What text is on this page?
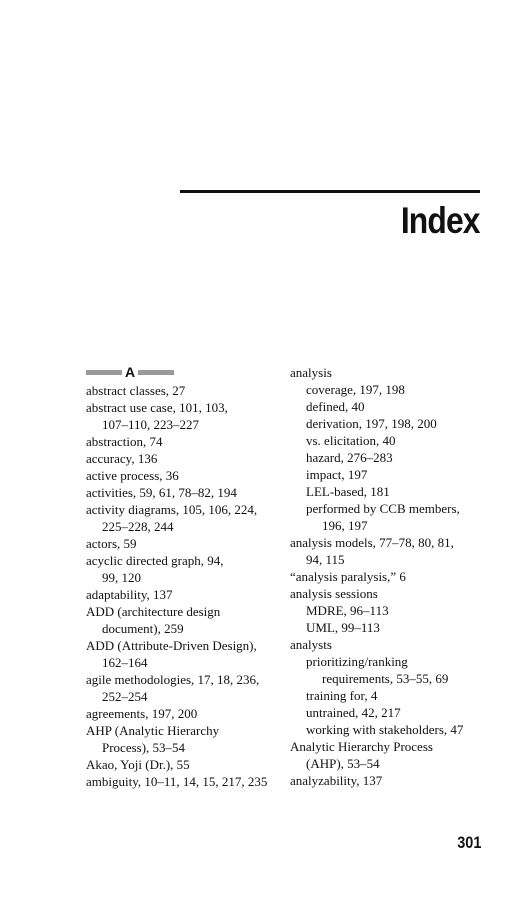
Index
A
abstract classes, 27
abstract use case, 101, 103,
107–110, 223–227
abstraction, 74
accuracy, 136
active process, 36
activities, 59, 61, 78–82, 194
activity diagrams, 105, 106, 224,
225–228, 244
actors, 59
acyclic directed graph, 94,
99, 120
adaptability, 137
ADD (architecture design
document), 259
ADD (Attribute-Driven Design),
162–164
agile methodologies, 17, 18, 236,
252–254
agreements, 197, 200
AHP (Analytic Hierarchy
Process), 53–54
Akao, Yoji (Dr.), 55
ambiguity, 10–11, 14, 15, 217, 235
analysis
coverage, 197, 198
defined, 40
derivation, 197, 198, 200
vs. elicitation, 40
hazard, 276–283
impact, 197
LEL-based, 181
performed by CCB members,
196, 197
analysis models, 77–78, 80, 81,
94, 115
“analysis paralysis,” 6
analysis sessions
MDRE, 96–113
UML, 99–113
analysts
prioritizing/ranking
requirements, 53–55, 69
training for, 4
untrained, 42, 217
working with stakeholders, 47
Analytic Hierarchy Process
(AHP), 53–54
analyzability, 137
301
